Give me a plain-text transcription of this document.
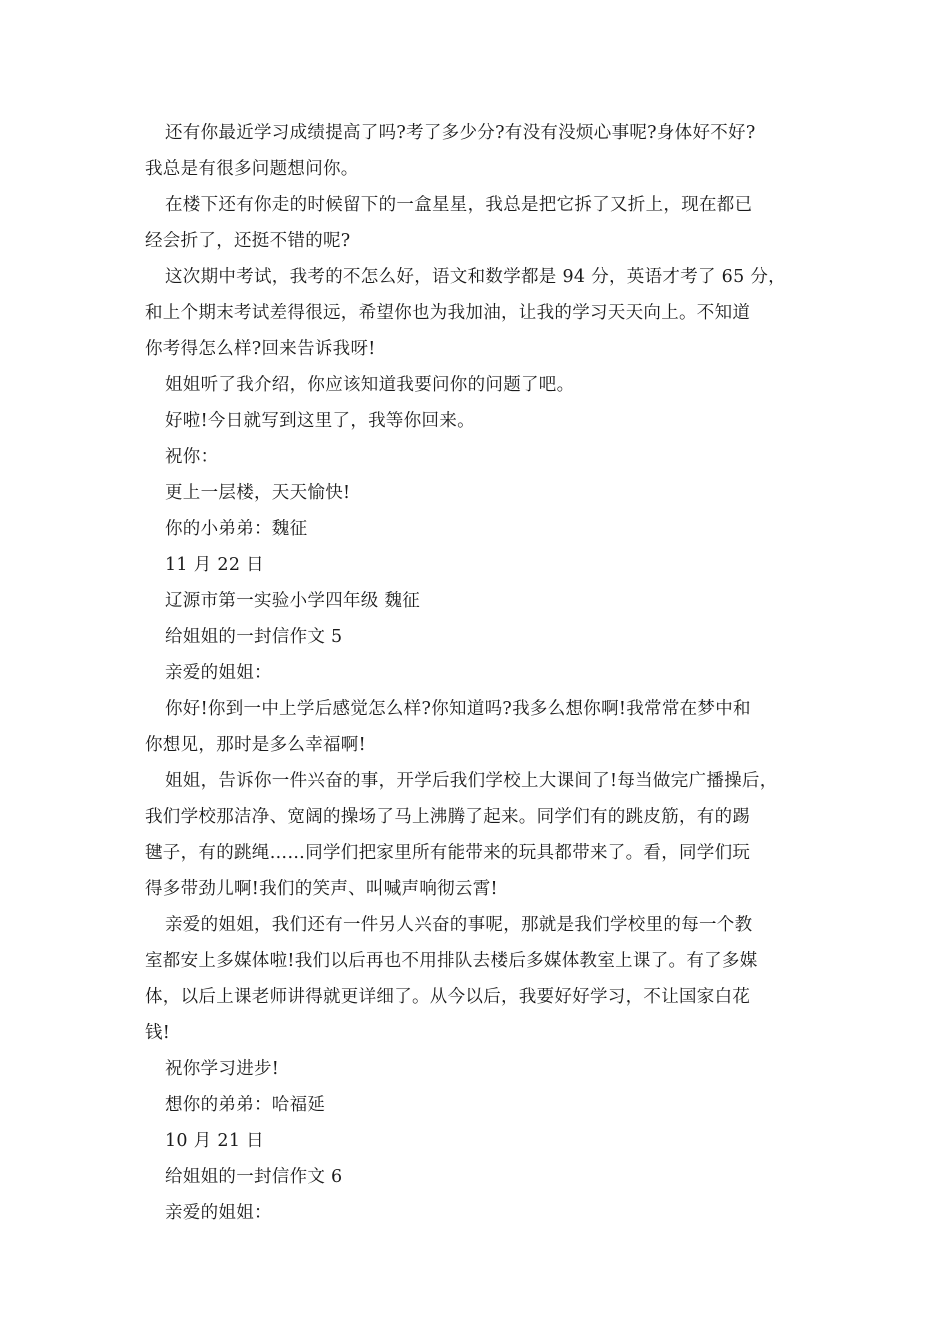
还有你最近学习成绩提高了吗?考了多少分?有没有没烦心事呢?身体好不好?
我总是有很多问题想问你。
在楼下还有你走的时候留下的一盒星星，我总是把它拆了又折上，现在都已
经会折了，还挺不错的呢?
这次期中考试，我考的不怎么好，语文和数学都是 94 分，英语才考了 65 分，
和上个期末考试差得很远，希望你也为我加油，让我的学习天天向上。不知道
你考得怎么样?回来告诉我呀!
姐姐听了我介绍，你应该知道我要问你的问题了吧。
好啦!今日就写到这里了，我等你回来。
祝你：
更上一层楼，天天愉快!
你的小弟弟：魏征
11 月 22 日
辽源市第一实验小学四年级 魏征
给姐姐的一封信作文 5
亲爱的姐姐：
你好!你到一中上学后感觉怎么样?你知道吗?我多么想你啊!我常常在梦中和
你想见，那时是多么幸福啊!
姐姐，告诉你一件兴奋的事，开学后我们学校上大课间了!每当做完广播操后，
我们学校那洁净、宽阔的操场了马上沸腾了起来。同学们有的跳皮筋，有的踢
毽子，有的跳绳……同学们把家里所有能带来的玩具都带来了。看，同学们玩
得多带劲儿啊!我们的笑声、叫喊声响彻云霄!
亲爱的姐姐，我们还有一件另人兴奋的事呢，那就是我们学校里的每一个教
室都安上多媒体啦!我们以后再也不用排队去楼后多媒体教室上课了。有了多媒
体，以后上课老师讲得就更详细了。从今以后，我要好好学习，不让国家白花
钱!
祝你学习进步!
想你的弟弟：哈福延
10 月 21 日
给姐姐的一封信作文 6
亲爱的姐姐：
